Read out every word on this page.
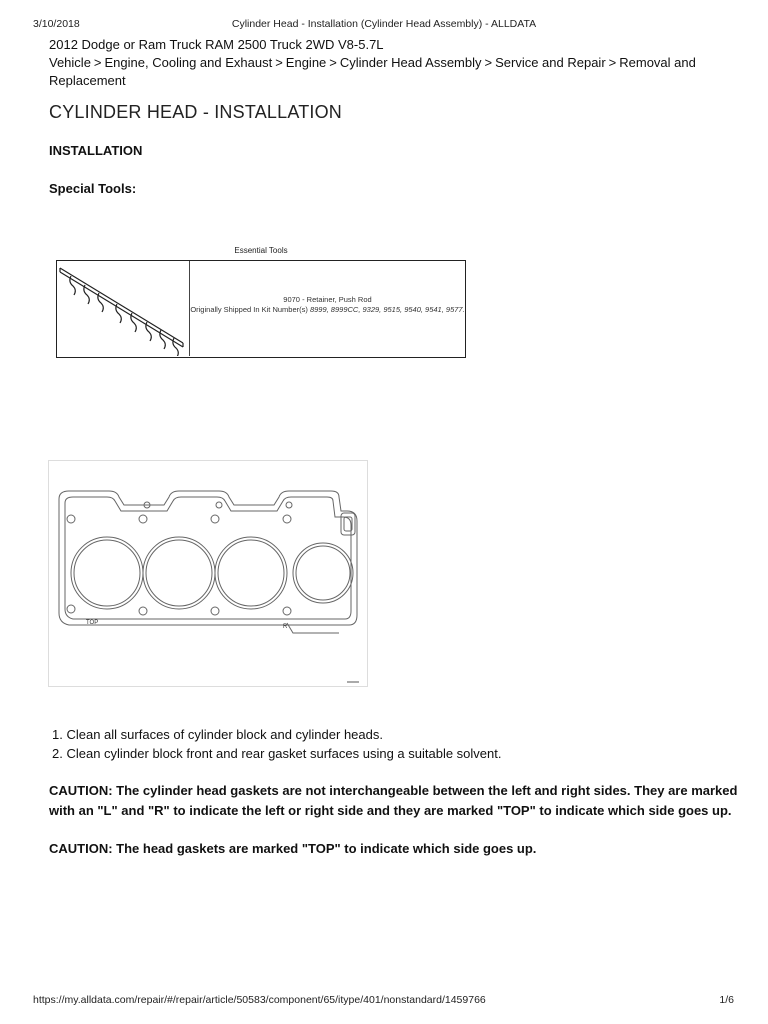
3/10/2018	Cylinder Head - Installation (Cylinder Head Assembly) - ALLDATA
2012 Dodge or Ram Truck RAM 2500 Truck 2WD V8-5.7L
Vehicle > Engine, Cooling and Exhaust > Engine > Cylinder Head Assembly > Service and Repair > Removal and Replacement
CYLINDER HEAD - INSTALLATION
INSTALLATION
Special Tools:
Essential Tools
9070 - Retainer, Push Rod
Originally Shipped In Kit Number(s) 8999, 8999CC, 9329, 9515, 9540, 9541, 9577.
TOP
R
1. Clean all surfaces of cylinder block and cylinder heads.
2. Clean cylinder block front and rear gasket surfaces using a suitable solvent.
CAUTION: The cylinder head gaskets are not interchangeable between the left and right sides. They are marked with an "L" and "R" to indicate the left or right side and they are marked "TOP" to indicate which side goes up.
CAUTION: The head gaskets are marked "TOP" to indicate which side goes up.
https://my.alldata.com/repair/#/repair/article/50583/component/65/itype/401/nonstandard/1459766	1/6
